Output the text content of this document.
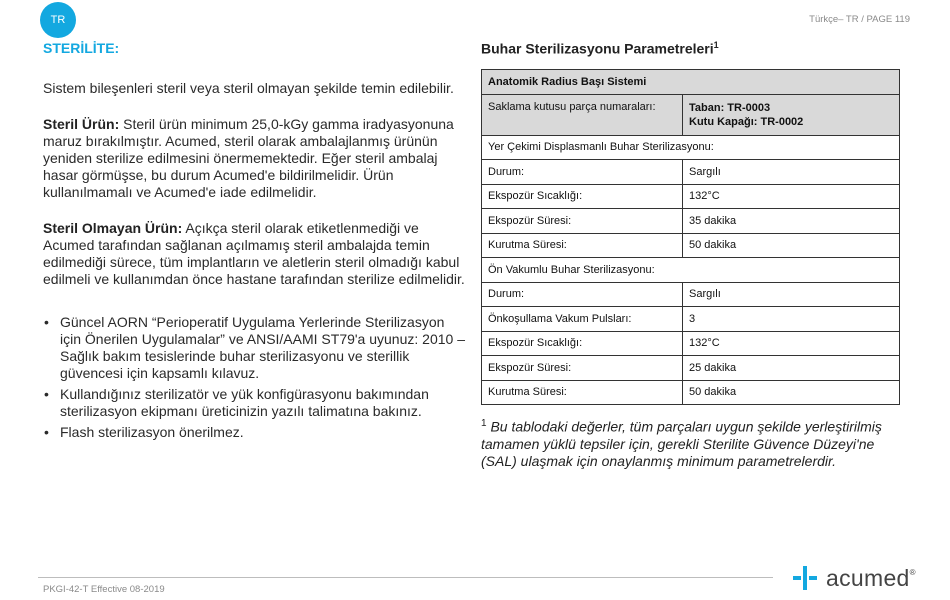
TR	Türkçe– TR / PAGE 119
STERİLİTE:

Sistem bileşenleri steril veya steril olmayan şekilde temin edilebilir.

Steril Ürün: Steril ürün minimum 25,0-kGy gamma iradyasyonuna maruz bırakılmıştır. Acumed, steril olarak ambalajlanmış ürünün yeniden sterilize edilmesini önermemektedir. Eğer steril ambalaj hasar görmüşse, bu durum Acumed'e bildirilmelidir. Ürün kullanılmamalı ve Acumed'e iade edilmelidir.

Steril Olmayan Ürün: Açıkça steril olarak etiketlenmediği ve Acumed tarafından sağlanan açılmamış steril ambalajda temin edilmediği sürece, tüm implantların ve aletlerin steril olmadığı kabul edilmeli ve kullanımdan önce hastane tarafından sterilize edilmelidir.

• Güncel AORN “Perioperatif Uygulama Yerlerinde Sterilizasyon için Önerilen Uygulamalar” ve ANSI/AAMI ST79'a uyunuz: 2010 – Sağlık bakım tesislerinde buhar sterilizasyonu ve sterillik güvencesi için kapsamlı kılavuz.
• Kullandığınız sterilizatör ve yük konfigürasyonu bakımından sterilizasyon ekipmanı üreticinizin yazılı talimatına bakınız.
• Flash sterilizasyon önerilmez.
Buhar Sterilizasyonu Parametreleri$^1$
Anatomik Radius Başı Sistemi	
Saklama kutusu parça numaraları:	Taban: TR-0003
Kutu Kapağı: TR-0002

Yer Çekimi Displasmanlı Buhar Sterilizasyonu:	
Durum:	Sargılı
Ekspozür Sıcaklığı:	132°C
Ekspozür Süresi:	35 dakika
Kurutma Süresi:	50 dakika
Ön Vakumlu Buhar Sterilizasyonu:	
Durum:	Sargılı
Önkoşullama Vakum Pulsları:	3
Ekspozür Sıcaklığı:	132°C
Ekspozür Süresi:	25 dakika
Kurutma Süresi:	50 dakika

$^1$ Bu tablodaki değerler, tüm parçaları uygun şekilde yerleştirilmiş tamamen yüklü tepsiler için, gerekli Sterilite Güvence Düzeyi'ne (SAL) ulaşmak için onaylanmış minimum parametrelerdir.

PKGI-42-T Effective 08-2019	acumed ®
